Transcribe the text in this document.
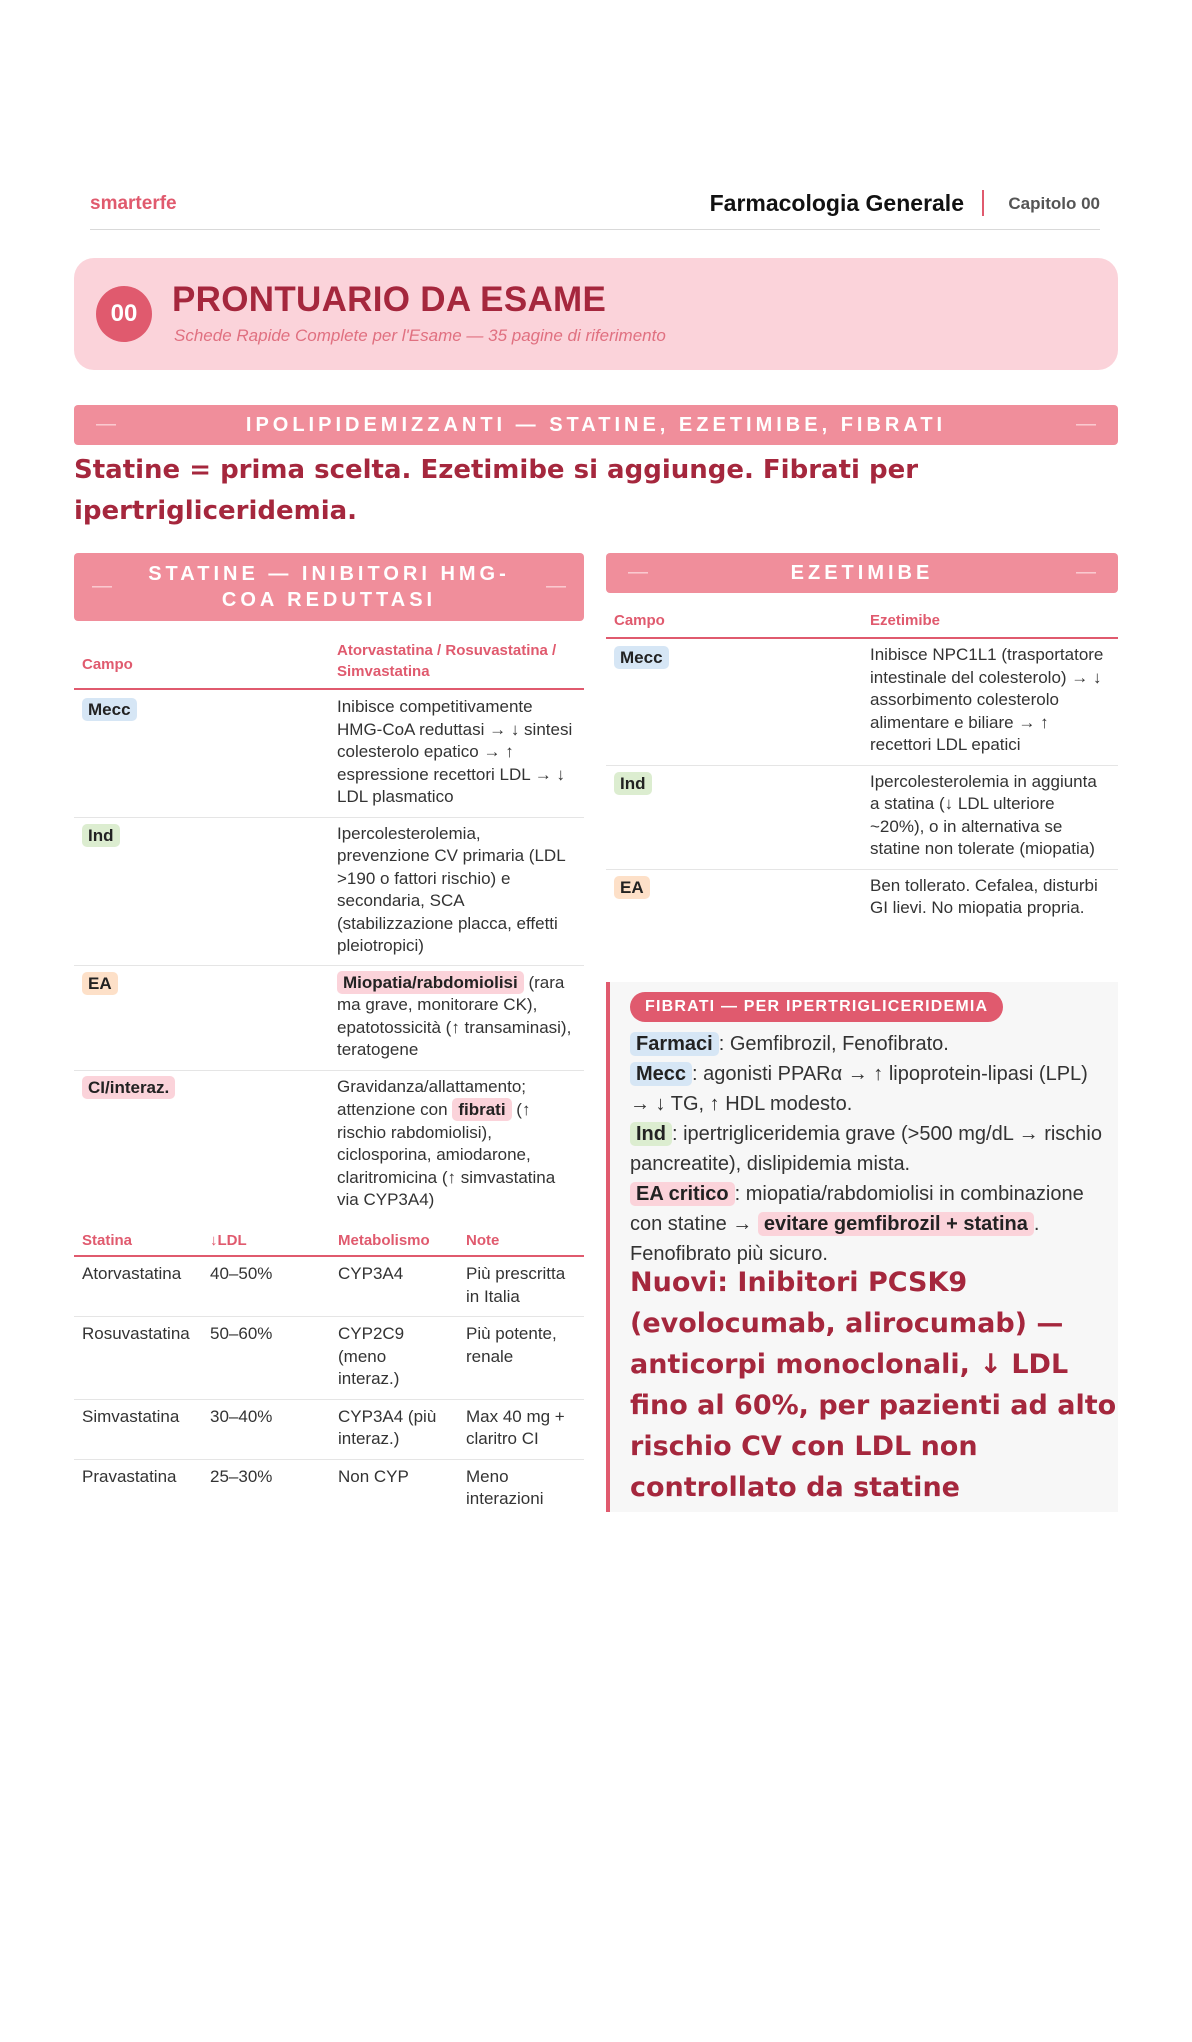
smarterfe	Farmacologia Generale	Capitolo 00
00 PRONTUARIO DA ESAME
Schede Rapide Complete per l'Esame — 35 pagine di riferimento
—	IPOLIPIDEMIZZANTI — STATINE, EZETIMIBE, FIBRATI	—
Statine = prima scelta. Ezetimibe si aggiunge. Fibrati per ipertrigliceridemia.
—
STATINE — INIBITORI HMG-COA REDUTTASI
—
Campo	Atorvastatina / Rosuvastatina / Simvastatina
Mecc	Inibisce competitivamente HMG-CoA reduttasi → ↓ sintesi colesterolo epatico → ↑ espressione recettori LDL → ↓ LDL plasmatico
Ind	Ipercolesterolemia, prevenzione CV primaria (LDL >190 o fattori rischio) e secondaria, SCA (stabilizzazione placca, effetti pleiotropici)
EA	Miopatia/rabdomiolisi (rara ma grave, monitorare CK), epatotossicità (↑ transaminasi), teratogene
CI/interaz.	Gravidanza/allattamento; attenzione con fibrati (↑ rischio rabdomiolisi), ciclosporina, amiodarone, claritromicina (↑ simvastatina via CYP3A4)
Statina	↓LDL	Metabolismo	Note
Atorvastatina	40–50%	CYP3A4	Più prescritta in Italia
Rosuvastatina	50–60%	CYP2C9 (meno interaz.)	Più potente, renale
Simvastatina	30–40%	CYP3A4 (più interaz.)	Max 40 mg + claritro CI
Pravastatina	25–30%	Non CYP	Meno interazioni
—	EZETIMIBE	—
Campo	Ezetimibe
Mecc	Inibisce NPC1L1 (trasportatore intestinale del colesterolo) → ↓ assorbimento colesterolo alimentare e biliare → ↑ recettori LDL epatici
Ind	Ipercolesterolemia in aggiunta a statina (↓ LDL ulteriore ~20%), o in alternativa se statine non tolerate (miopatia)
EA	Ben tollerato. Cefalea, disturbi GI lievi. No miopatia propria.
FIBRATI — PER IPERTRIGLICERIDEMIA
Farmaci : Gemfibrozil, Fenofibrato.
Mecc : agonisti PPARα → ↑ lipoprotein-lipasi (LPL) → ↓ TG, ↑ HDL modesto.
Ind : ipertrigliceridemia grave (>500 mg/dL → rischio pancreatite), dislipidemia mista.
EA critico : miopatia/rabdomiolisi in combinazione con statine → evitare gemfibrozil + statina . Fenofibrato più sicuro.
Nuovi: Inibitori PCSK9 (evolocumab, alirocumab) — anticorpi monoclonali, ↓ LDL fino al 60%, per pazienti ad alto rischio CV con LDL non controllato da statine
